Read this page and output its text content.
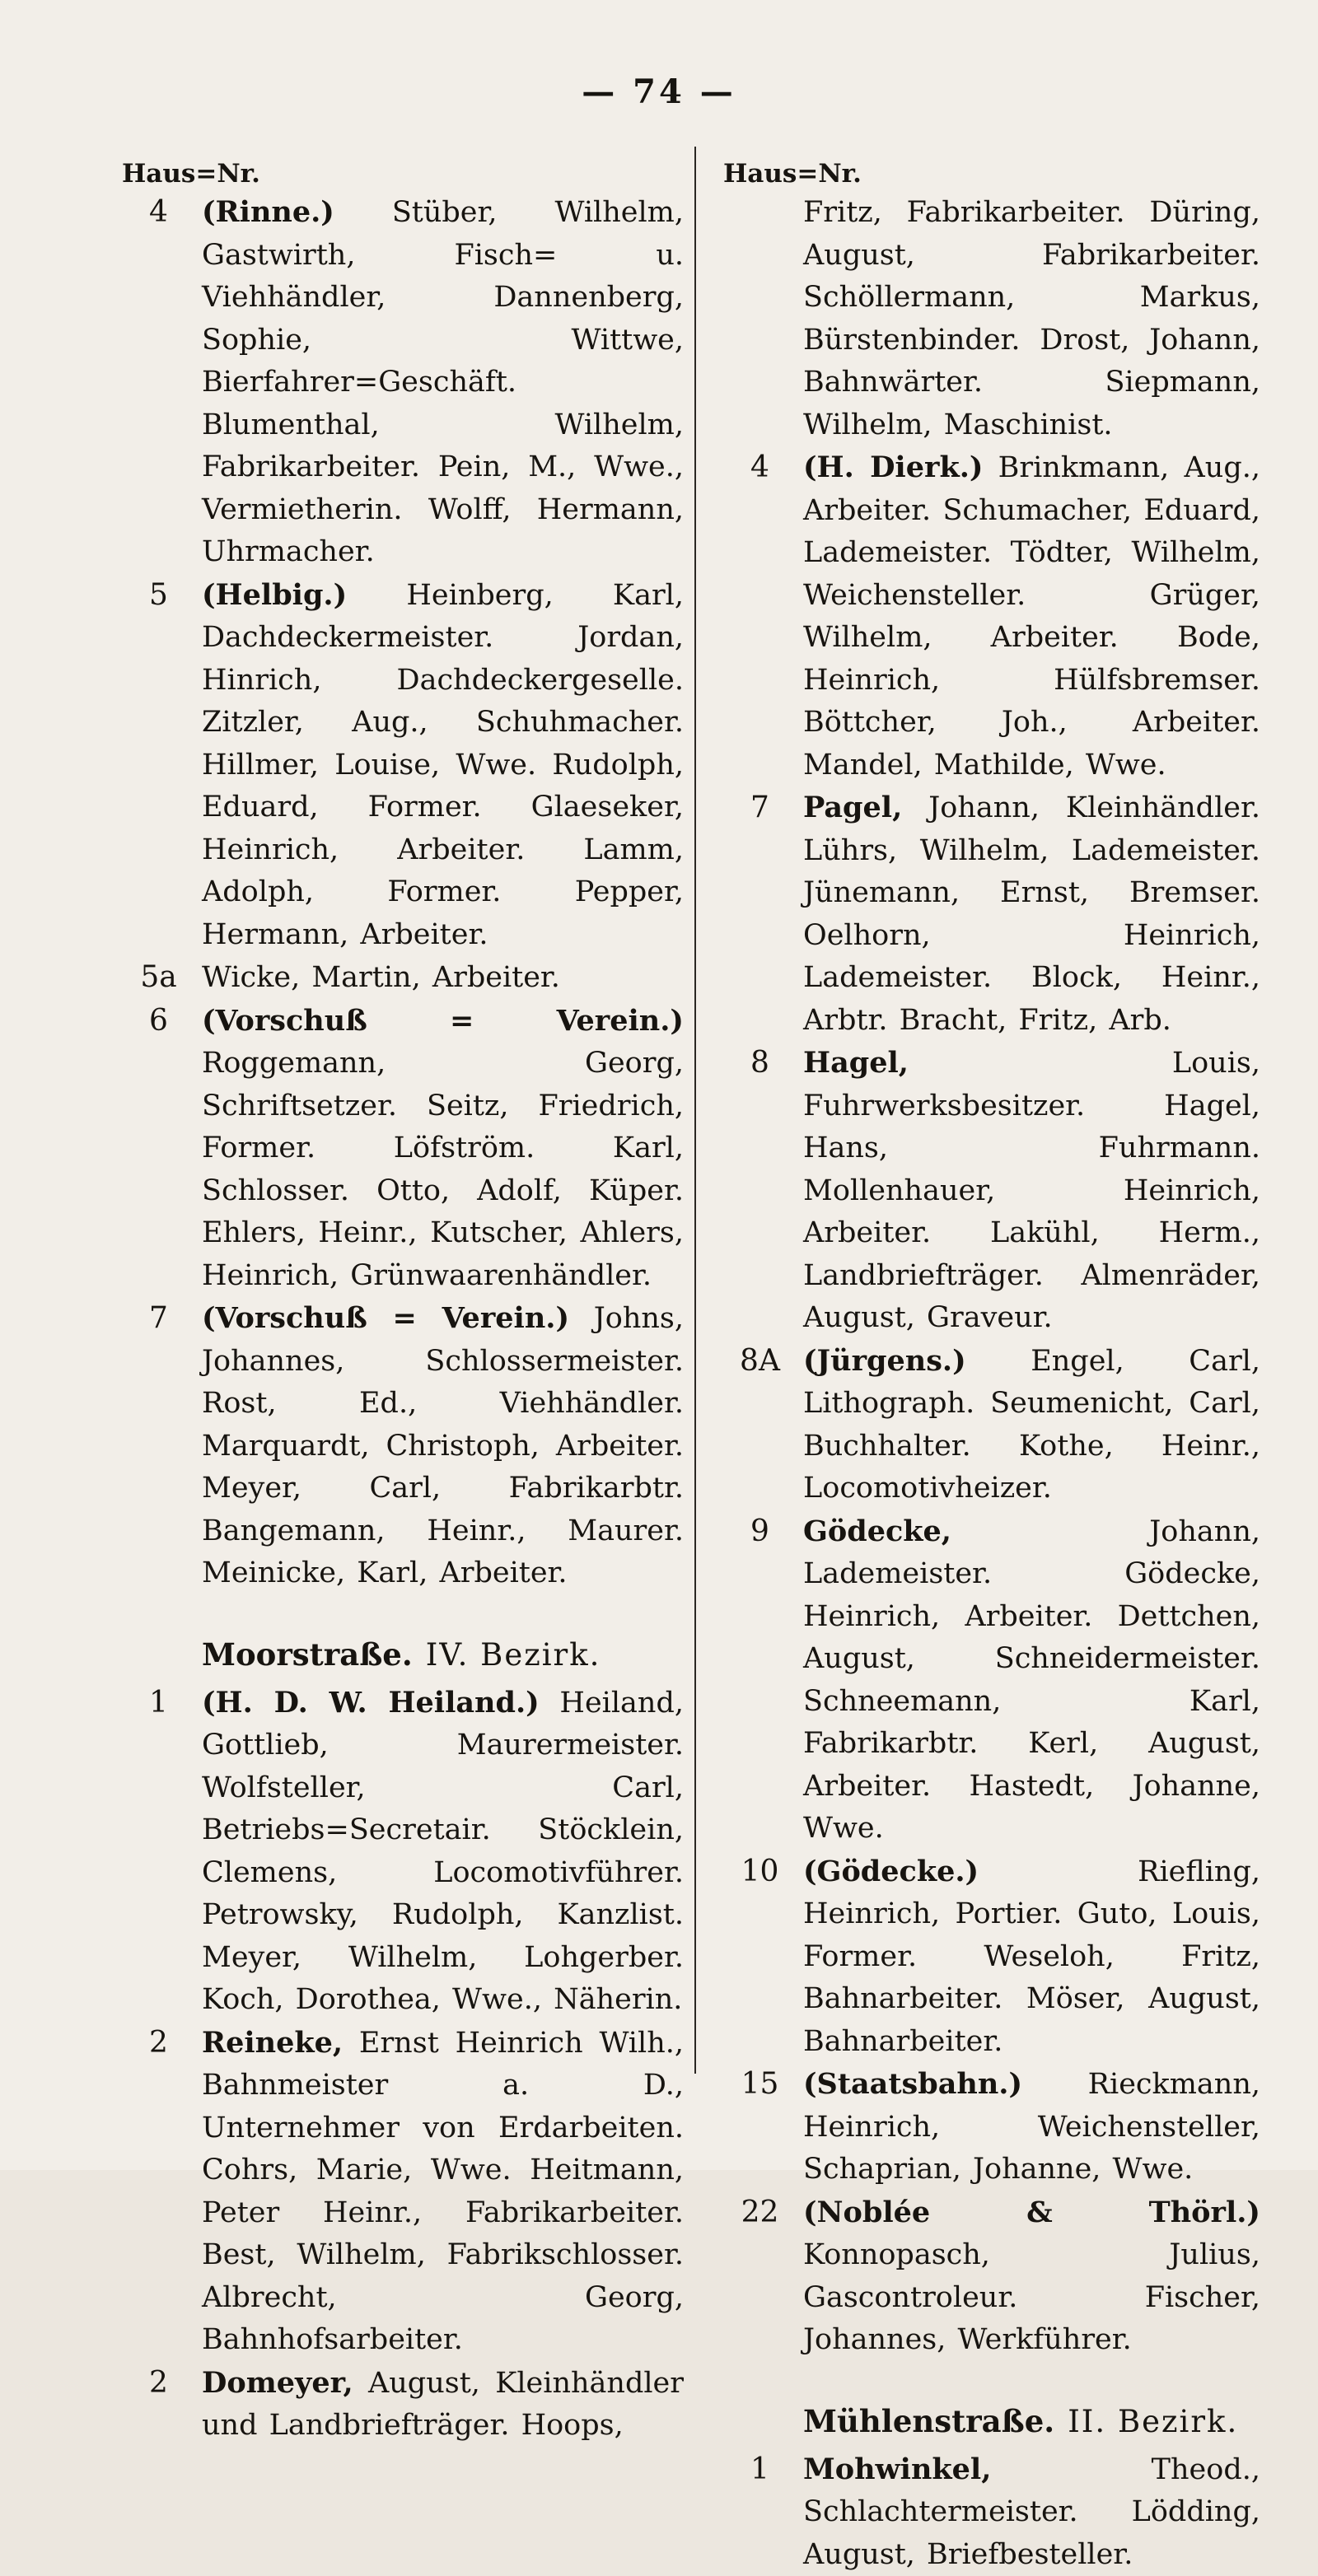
— 74 —
Haus=Nr.
4	(Rinne.) Stüber, Wilhelm, Gastwirth, Fisch= u. Viehhändler, Dannenberg, Sophie, Wittwe, Bierfahrer=Geschäft. Blumenthal, Wilhelm, Fabrikarbeiter. Pein, M., Wwe., Vermietherin. Wolff, Hermann, Uhrmacher.
5	(Helbig.) Heinberg, Karl, Dachdeckermeister. Jordan, Hinrich, Dachdeckergeselle. Zitzler, Aug., Schuhmacher. Hillmer, Louise, Wwe. Rudolph, Eduard, Former. Glaeseker, Heinrich, Arbeiter. Lamm, Adolph, Former. Pepper, Hermann, Arbeiter.
5a Wicke, Martin, Arbeiter.
6	(Vorschuß = Verein.) Roggemann, Georg, Schriftsetzer. Seitz, Friedrich, Former. Löfström. Karl, Schlosser. Otto, Adolf, Küper. Ehlers, Heinr., Kutscher, Ahlers, Heinrich, Grünwaarenhändler.
7	(Vorschuß = Verein.) Johns, Johannes, Schlossermeister. Rost, Ed., Viehhändler. Marquardt, Christoph, Arbeiter. Meyer, Carl, Fabrikarbtr. Bangemann, Heinr., Maurer. Meinicke, Karl, Arbeiter.
Moorstraße. IV. Bezirk.
1	(H. D. W. Heiland.) Heiland, Gottlieb, Maurermeister. Wolfsteller, Carl, Betriebs=Secretair. Stöcklein, Clemens, Locomotivführer. Petrowsky, Rudolph, Kanzlist. Meyer, Wilhelm, Lohgerber. Koch, Dorothea, Wwe., Näherin.
2	Reineke, Ernst Heinrich Wilh., Bahnmeister a. D., Unternehmer von Erdarbeiten. Cohrs, Marie, Wwe. Heitmann, Peter Heinr., Fabrikarbeiter. Best, Wilhelm, Fabrikschlosser. Albrecht, Georg, Bahnhofsarbeiter.
2	Domeyer, August, Kleinhändler und Landbriefträger. Hoops,
Haus=Nr.
Fritz, Fabrikarbeiter. Düring, August, Fabrikarbeiter. Schöllermann, Markus, Bürstenbinder. Drost, Johann, Bahnwärter. Siepmann, Wilhelm, Maschinist.
4	(H. Dierk.) Brinkmann, Aug., Arbeiter. Schumacher, Eduard, Lademeister. Tödter, Wilhelm, Weichensteller. Grüger, Wilhelm, Arbeiter. Bode, Heinrich, Hülfsbremser. Böttcher, Joh., Arbeiter. Mandel, Mathilde, Wwe.
7	Pagel, Johann, Kleinhändler. Lührs, Wilhelm, Lademeister. Jünemann, Ernst, Bremser. Oelhorn, Heinrich, Lademeister. Block, Heinr., Arbtr. Bracht, Fritz, Arb.
8	Hagel, Louis, Fuhrwerksbesitzer. Hagel, Hans, Fuhrmann. Mollenhauer, Heinrich, Arbeiter. Lakühl, Herm., Landbriefträger. Almenräder, August, Graveur.
8A (Jürgens.) Engel, Carl, Lithograph. Seumenicht, Carl, Buchhalter. Kothe, Heinr., Locomotivheizer.
9	Gödecke, Johann, Lademeister. Gödecke, Heinrich, Arbeiter. Dettchen, August, Schneidermeister. Schneemann, Karl, Fabrikarbtr. Kerl, August, Arbeiter. Hastedt, Johanne, Wwe.
10 (Gödecke.) Riefling, Heinrich, Portier. Guto, Louis, Former. Weseloh, Fritz, Bahnarbeiter. Möser, August, Bahnarbeiter.
15 (Staatsbahn.) Rieckmann, Heinrich, Weichensteller, Schaprian, Johanne, Wwe.
22 (Noblée & Thörl.) Konnopasch, Julius, Gascontroleur. Fischer, Johannes, Werkführer.
Mühlenstraße. II. Bezirk.
1	Mohwinkel, Theod., Schlachtermeister. Lödding, August, Briefbesteller.
